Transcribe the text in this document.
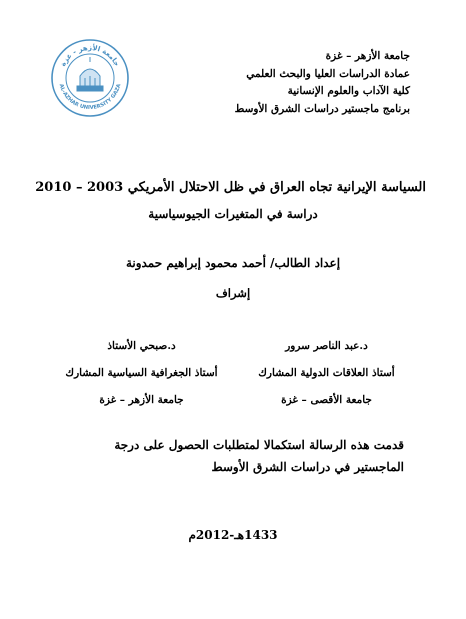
جامعة الأزهر – غزة
عمادة الدراسات العليا والبحث العلمي
كلية الآداب والعلوم الإنسانية
برنامج ماجستير دراسات الشرق الأوسط
جامعة الأزهر - غزة
AL-AZHAR UNIVERSITY GAZA
السياسة الإيرانية تجاه العراق في ظل الاحتلال الأمريكي 2003 – 2010
دراسة في المتغيرات الجيوسياسية
إعداد الطالب/ أحمد محمود إبراهيم حمدونة
إشراف
د.عبد الناصر سرور
أستاذ العلاقات الدولية المشارك
جامعة الأقصى – غزة
د.صبحي الأستاذ
أستاذ الجغرافية السياسية المشارك
جامعة الأزهر – غزة
قدمت هذه الرسالة استكمالا لمتطلبات الحصول على درجة الماجستير في دراسات الشرق الأوسط
1433هـ-2012م
